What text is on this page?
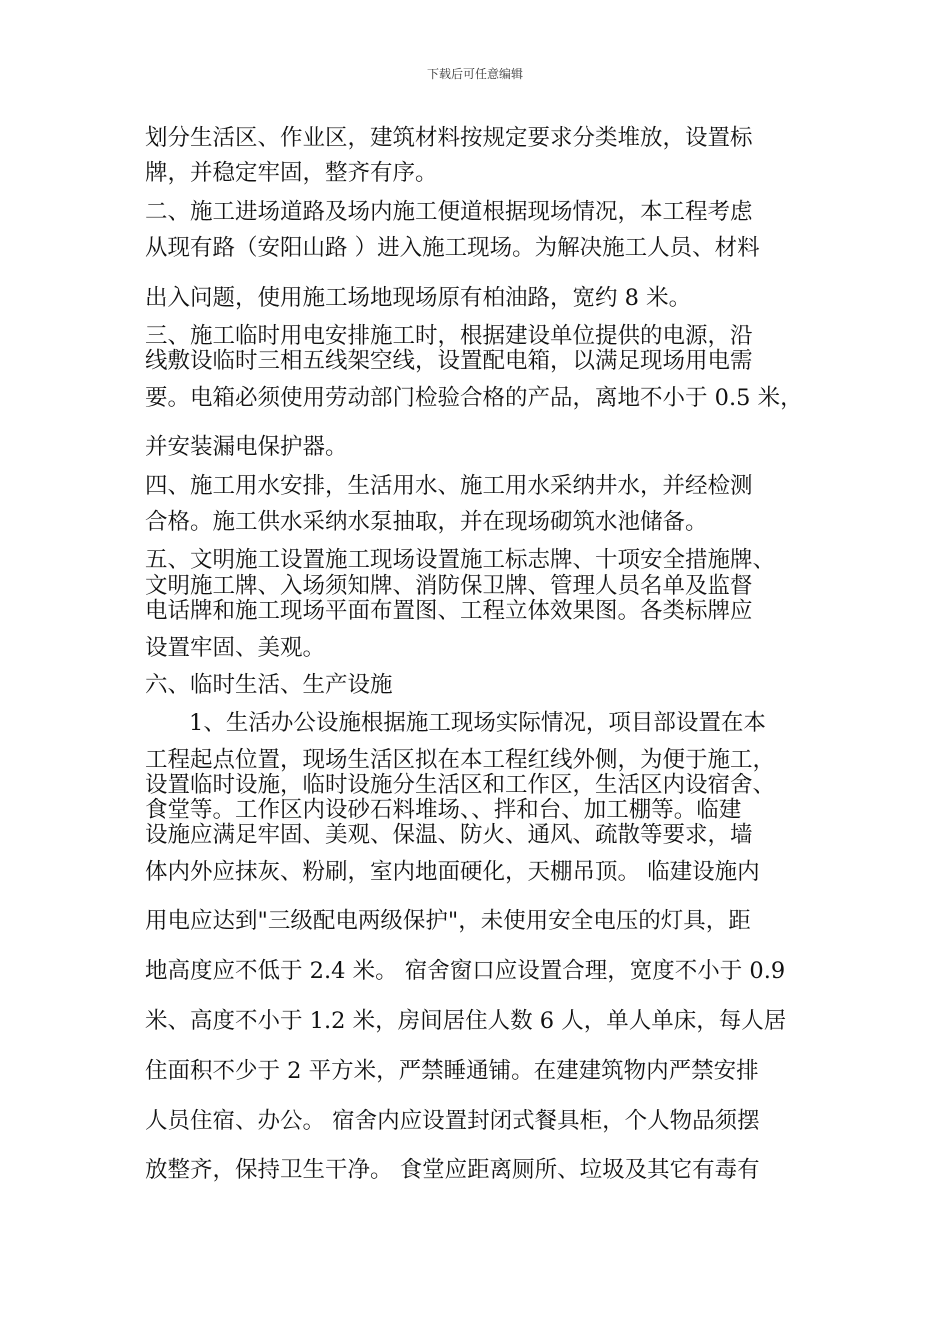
下载后可任意编辑
划分生活区、作业区，建筑材料按规定要求分类堆放，设置标
牌，并稳定牢固，整齐有序。
二、施工进场道路及场内施工便道根据现场情况，本工程考虑
从现有路（安阳山路 ）进入施工现场。为解决施工人员、材料
出入问题，使用施工场地现场原有柏油路，宽约 8 米。
三、施工临时用电安排施工时，根据建设单位提供的电源，沿
线敷设临时三相五线架空线，设置配电箱，以满足现场用电需
要。电箱必须使用劳动部门检验合格的产品，离地不小于 0.5 米，
并安装漏电保护器。
四、施工用水安排，生活用水、施工用水采纳井水，并经检测
合格。施工供水采纳水泵抽取，并在现场砌筑水池储备。
五、文明施工设置施工现场设置施工标志牌、十项安全措施牌、
文明施工牌、入场须知牌、消防保卫牌、管理人员名单及监督
电话牌和施工现场平面布置图、工程立体效果图。各类标牌应
设置牢固、美观。
六、临时生活、生产设施
1、生活办公设施根据施工现场实际情况，项目部设置在本
工程起点位置，现场生活区拟在本工程红线外侧，为便于施工，
设置临时设施，临时设施分生活区和工作区，生活区内设宿舍、
食堂等。工作区内设砂石料堆场、、拌和台、加工棚等。临建
设施应满足牢固、美观、保温、防火、通风、疏散等要求，墙
体内外应抹灰、粉刷，室内地面硬化，天棚吊顶。 临建设施内
用电应达到"三级配电两级保护"，未使用安全电压的灯具，距
地高度应不低于 2.4 米。 宿舍窗口应设置合理，宽度不小于 0.9
米、高度不小于 1.2 米，房间居住人数 6 人，单人单床，每人居
住面积不少于 2 平方米，严禁睡通铺。在建建筑物内严禁安排
人员住宿、办公。 宿舍内应设置封闭式餐具柜，个人物品须摆
放整齐，保持卫生干净。 食堂应距离厕所、垃圾及其它有毒有
